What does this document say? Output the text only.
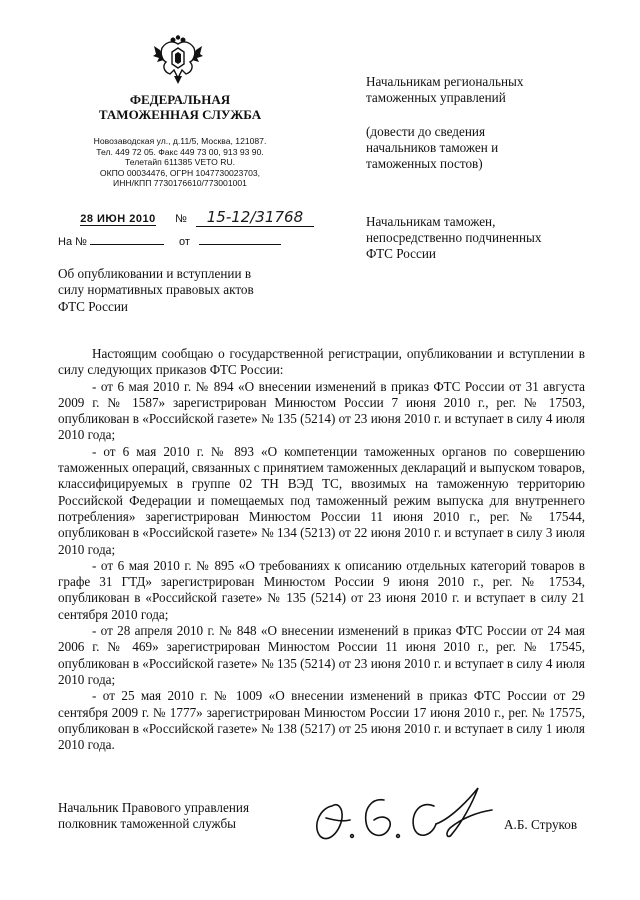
ФЕДЕРАЛЬНАЯ
ТАМОЖЕННАЯ СЛУЖБА
Новозаводская ул., д.11/5, Москва, 121087.
Тел. 449 72 05. Факс 449 73 00, 913 93 90.
Телетайп 611385 VETO RU.
ОКПО 00034476, ОГРН 1047730023703,
ИНН/КПП 7730176610/773001001
28 ИЮН 2010 № 15-12/31768
На №	от
Начальникам региональных
таможенных управлений
(довести до сведения
начальников таможен и
таможенных постов)
Начальникам таможен,
непосредственно подчиненных
ФТС России
Об опубликовании и вступлении в
силу нормативных правовых актов
ФТС России

Настоящим сообщаю о государственной регистрации, опубликовании и вступлении в силу следующих приказов ФТС России:

- от 6 мая 2010 г. № 894 «О внесении изменений в приказ ФТС России от 31 августа 2009 г. № 1587» зарегистрирован Минюстом России 7 июня 2010 г., рег. № 17503, опубликован в «Российской газете» № 135 (5214) от 23 июня 2010 г. и вступает в силу 4 июля 2010 года;

- от 6 мая 2010 г. № 893 «О компетенции таможенных органов по совершению таможенных операций, связанных с принятием таможенных деклараций и выпуском товаров, классифицируемых в группе 02 ТН ВЭД ТС, ввозимых на таможенную территорию Российской Федерации и помещаемых под таможенный режим выпуска для внутреннего потребления» зарегистрирован Минюстом России 11 июня 2010 г., рег. № 17544, опубликован в «Российской газете» № 134 (5213) от 22 июня 2010 г. и вступает в силу 3 июля 2010 года;

- от 6 мая 2010 г. № 895 «О требованиях к описанию отдельных категорий товаров в графе 31 ГТД» зарегистрирован Минюстом России 9 июня 2010 г., рег. № 17534, опубликован в «Российской газете» № 135 (5214) от 23 июня 2010 г. и вступает в силу 21 сентября 2010 года;

- от 28 апреля 2010 г. № 848 «О внесении изменений в приказ ФТС России от 24 мая 2006 г. № 469» зарегистрирован Минюстом России 11 июня 2010 г., рег. № 17545, опубликован в «Российской газете» № 135 (5214) от 23 июня 2010 г. и вступает в силу 4 июля 2010 года;

- от 25 мая 2010 г. № 1009 «О внесении изменений в приказ ФТС России от 29 сентября 2009 г. № 1777» зарегистрирован Минюстом России 17 июня 2010 г., рег. № 17575, опубликован в «Российской газете» № 138 (5217) от 25 июня 2010 г. и вступает в силу 1 июля 2010 года.

Начальник Правового управления
полковник таможенной службы	А.Б. Струков
